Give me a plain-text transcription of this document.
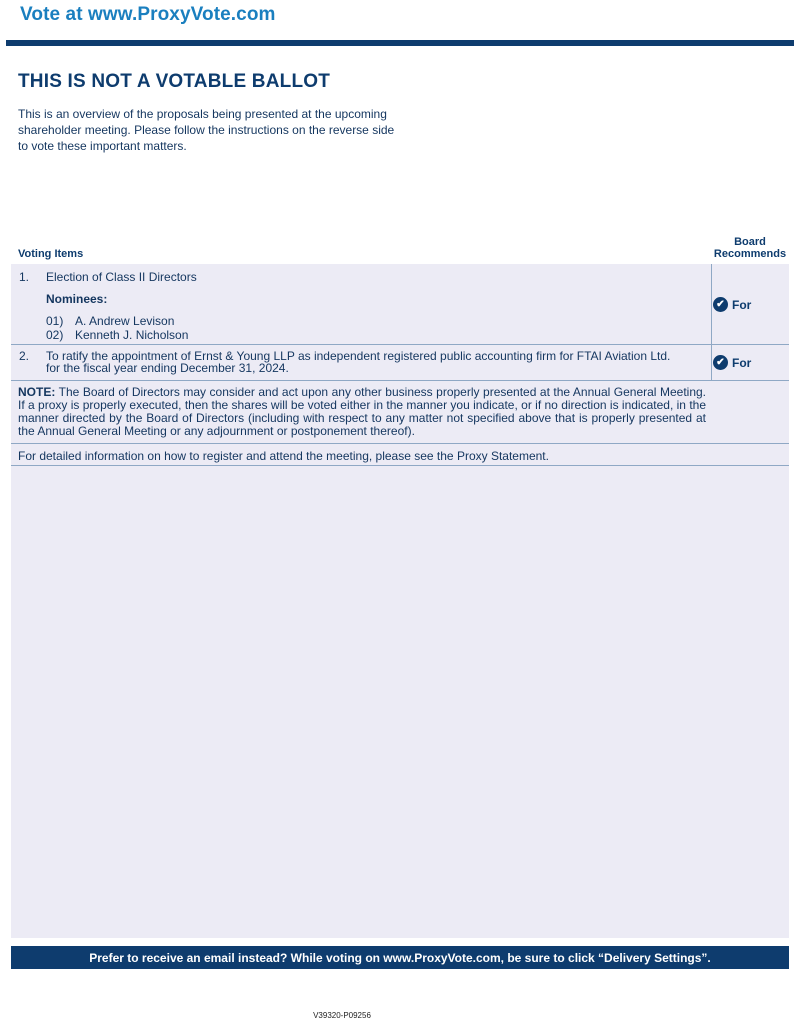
Vote at www.ProxyVote.com
THIS IS NOT A VOTABLE BALLOT
This is an overview of the proposals being presented at the upcoming shareholder meeting. Please follow the instructions on the reverse side to vote these important matters.
Voting Items
Board
Recommends
1. Election of Class II Directors
Nominees:
01) A. Andrew Levison
02) Kenneth J. Nicholson
✔ For
2. To ratify the appointment of Ernst & Young LLP as independent registered public accounting firm for FTAI Aviation Ltd.
for the fiscal year ending December 31, 2024.	✔ For
NOTE: The Board of Directors may consider and act upon any other business properly presented at the Annual General Meeting. If a proxy is properly executed, then the shares will be voted either in the manner you indicate, or if no direction is indicated, in the manner directed by the Board of Directors (including with respect to any matter not specified above that is properly presented at the Annual General Meeting or any adjournment or postponement thereof).
For detailed information on how to register and attend the meeting, please see the Proxy Statement.
Prefer to receive an email instead? While voting on www.ProxyVote.com, be sure to click “Delivery Settings”.
V39320-P09256
